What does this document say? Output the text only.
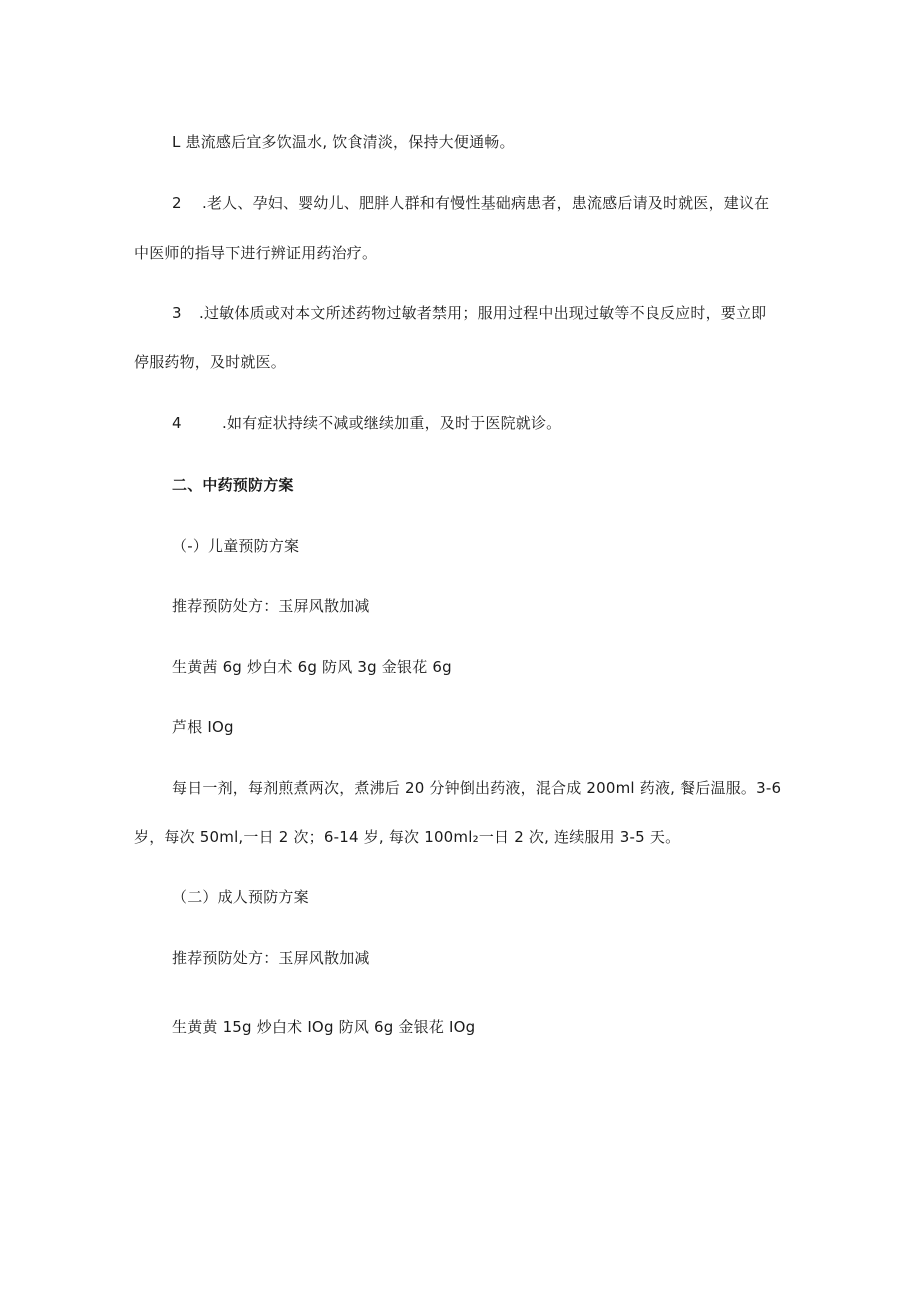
L 患流感后宜多饮温水, 饮食清淡，保持大便通畅。
2 .老人、孕妇、婴幼儿、肥胖人群和有慢性基础病患者，患流感后请及时就医，建议在
中医师的指导下进行辨证用药治疗。
3 .过敏体质或对本文所述药物过敏者禁用；服用过程中出现过敏等不良反应时，要立即
停服药物，及时就医。
4	.如有症状持续不减或继续加重，及时于医院就诊。
二、中药预防方案
（-）儿童预防方案
推荐预防处方：玉屏风散加减
生黄茜 6g 炒白术 6g 防风 3g 金银花 6g
芦根 IOg
每日一剂，每剂煎煮两次，煮沸后 20 分钟倒出药液，混合成 200ml 药液, 餐后温服。3-6
岁，每次 50ml,一日 2 次；6-14 岁, 每次 100ml₂一日 2 次, 连续服用 3-5 天。
（二）成人预防方案
推荐预防处方：玉屏风散加减
生黄黄 15g 炒白术 IOg 防风 6g 金银花 IOg
